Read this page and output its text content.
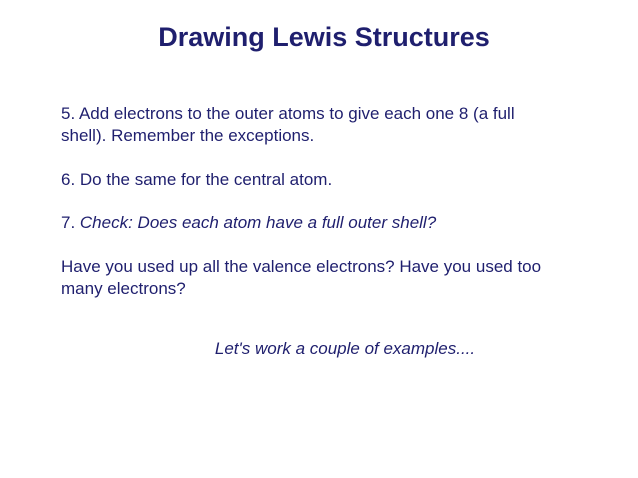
Drawing Lewis Structures
5. Add electrons to the outer atoms to give each one 8 (a full
shell). Remember the exceptions.
6. Do the same for the central atom.
7. Check: Does each atom have a full outer shell?
Have you used up all the valence electrons? Have you used too
many electrons?
Let's work a couple of examples....
